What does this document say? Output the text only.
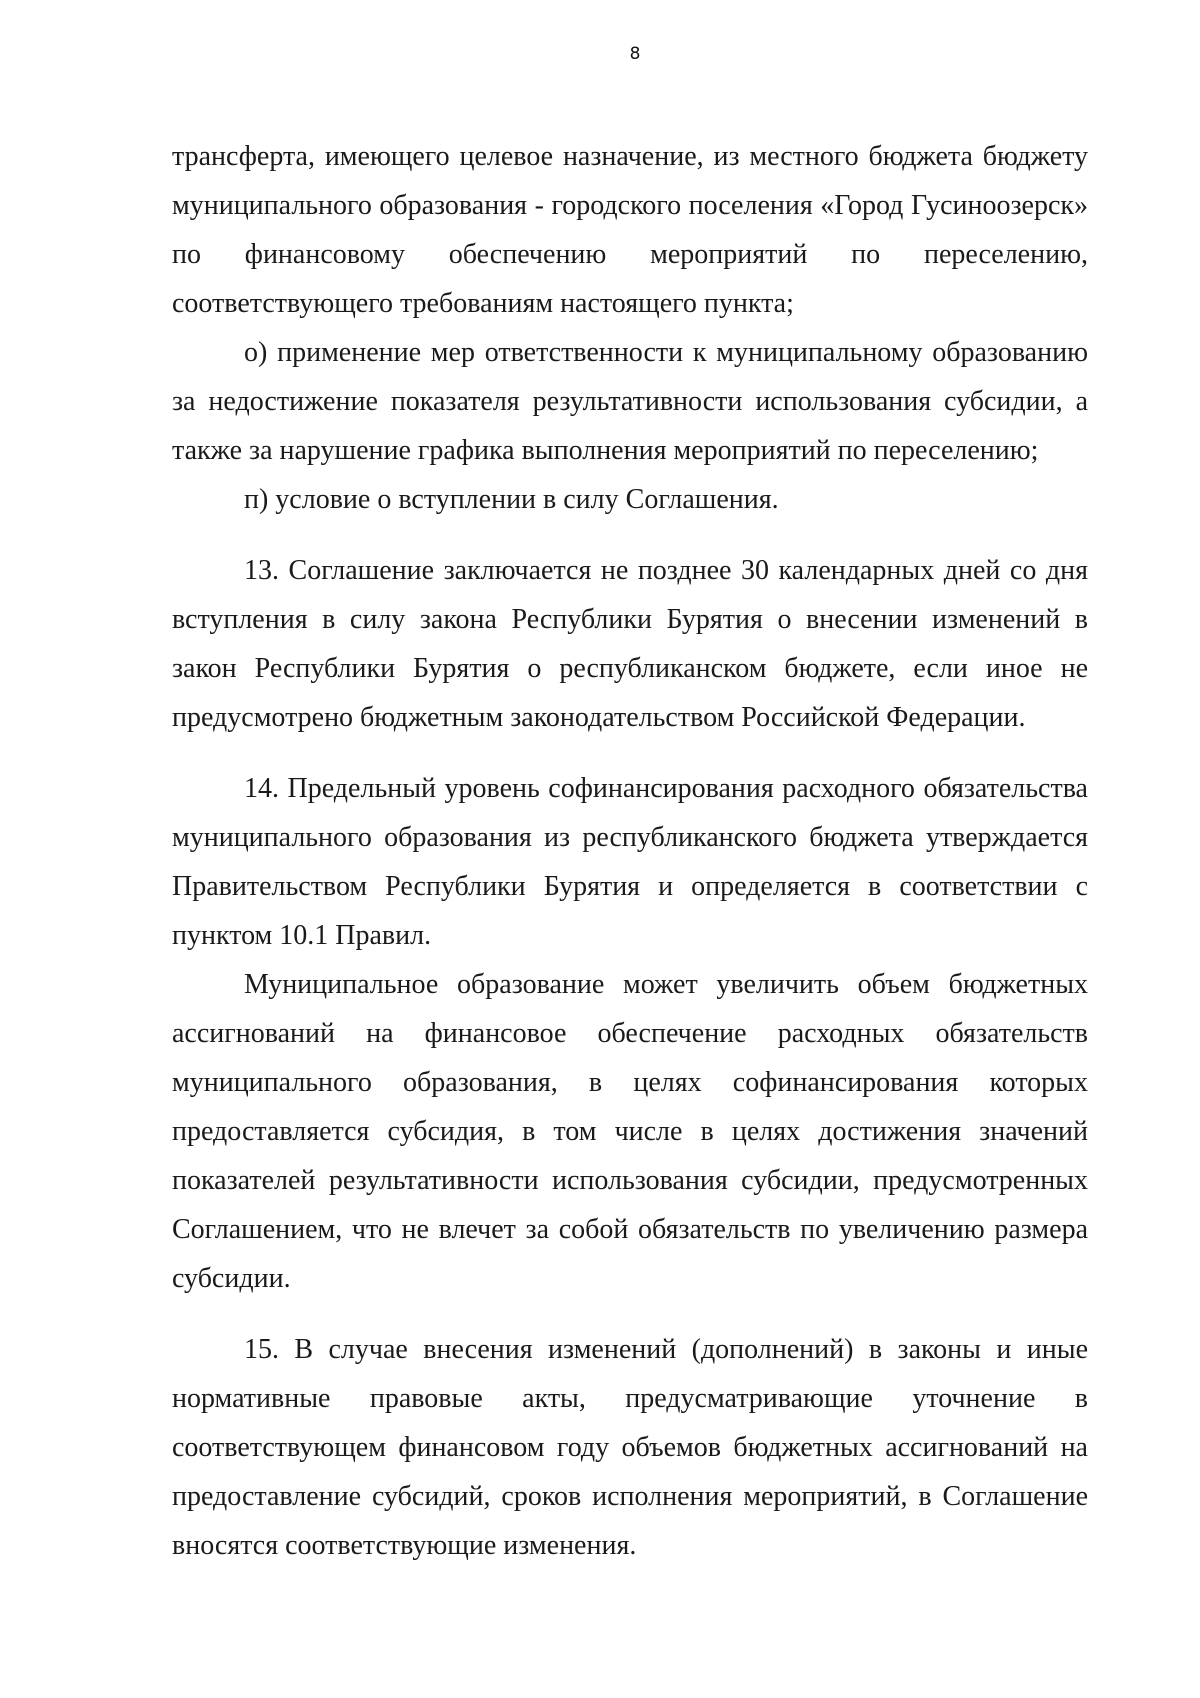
8

трансферта, имеющего целевое назначение, из местного бюджета бюджету муниципального образования - городского поселения «Город Гусиноозерск» по финансовому обеспечению мероприятий по переселению, соответствующего требованиям настоящего пункта;

о) применение мер ответственности к муниципальному образованию за недостижение показателя результативности использования субсидии, а также за нарушение графика выполнения мероприятий по переселению;

п) условие о вступлении в силу Соглашения.

13. Соглашение заключается не позднее 30 календарных дней со дня вступления в силу закона Республики Бурятия о внесении изменений в закон Республики Бурятия о республиканском бюджете, если иное не предусмотрено бюджетным законодательством Российской Федерации.

14. Предельный уровень софинансирования расходного обязательства муниципального образования из республиканского бюджета утверждается Правительством Республики Бурятия и определяется в соответствии с пунктом 10.1 Правил.

Муниципальное образование может увеличить объем бюджетных ассигнований на финансовое обеспечение расходных обязательств муниципального образования, в целях софинансирования которых предоставляется субсидия, в том числе в целях достижения значений показателей результативности использования субсидии, предусмотренных Соглашением, что не влечет за собой обязательств по увеличению размера субсидии.

15. В случае внесения изменений (дополнений) в законы и иные нормативные правовые акты, предусматривающие уточнение в соответствующем финансовом году объемов бюджетных ассигнований на предоставление субсидий, сроков исполнения мероприятий, в Соглашение вносятся соответствующие изменения.
